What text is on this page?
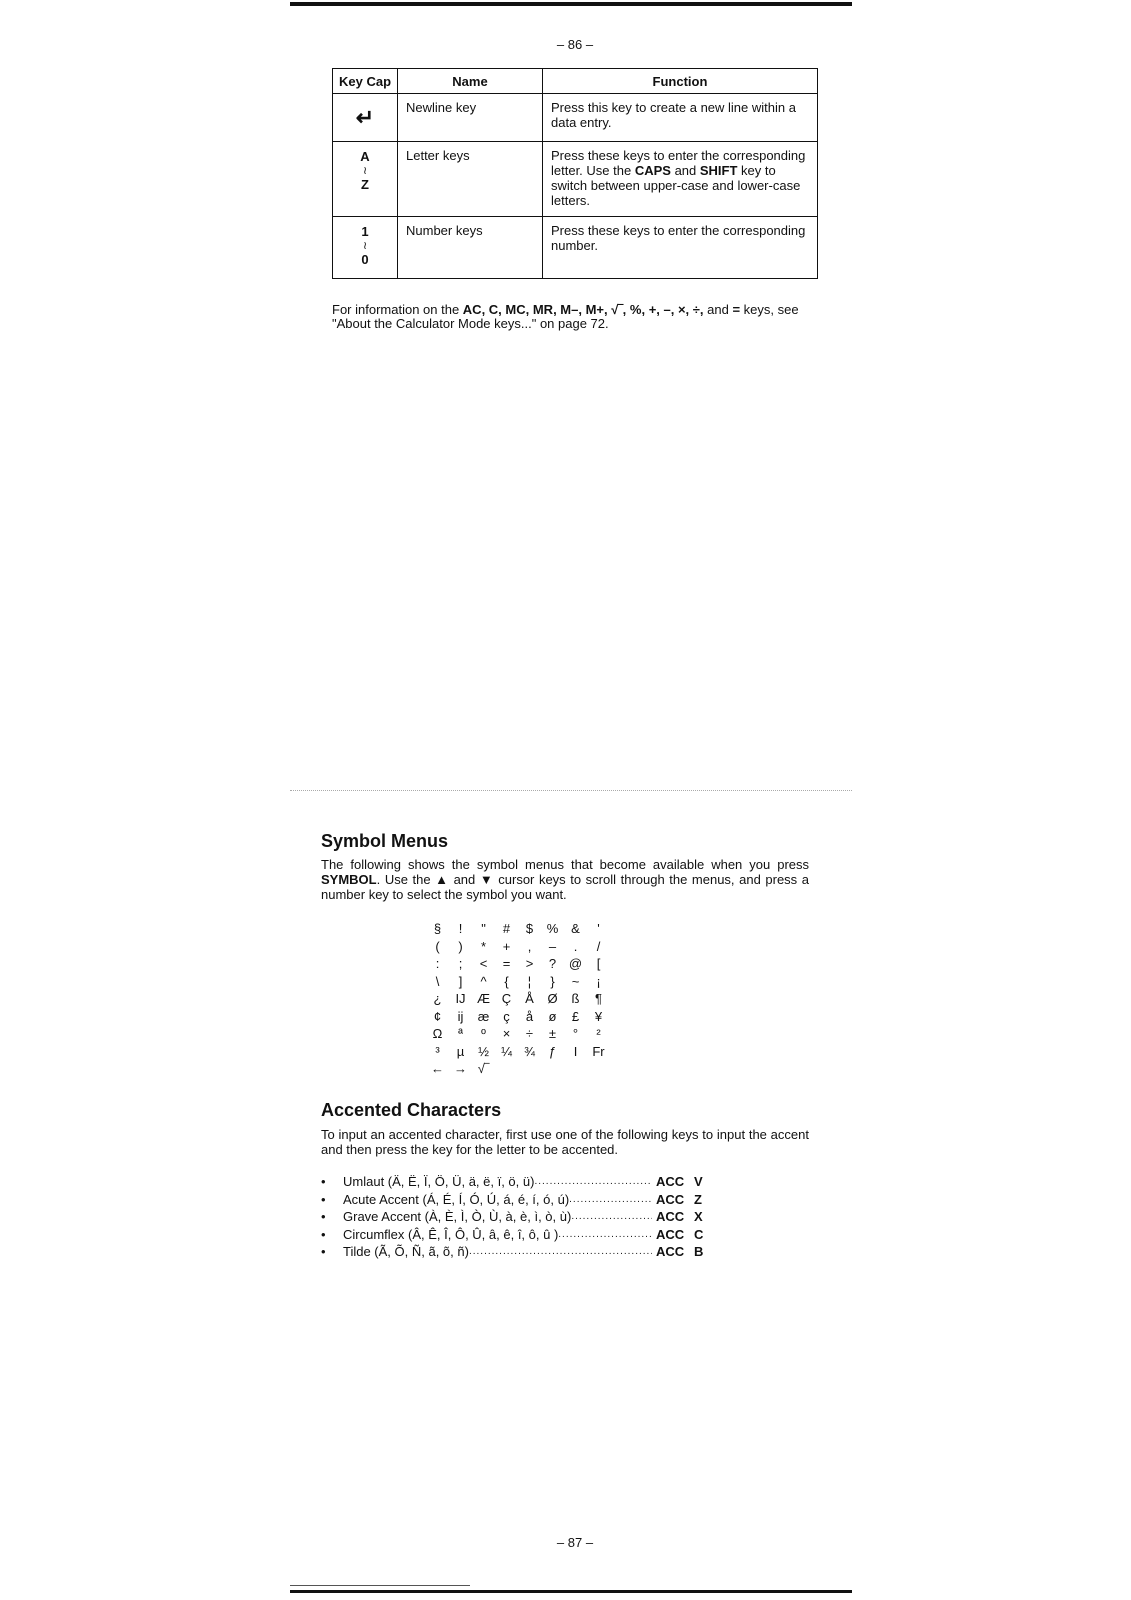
– 86 –
Key Cap	Name	Function

↵	Newline key	Press this key to create a new line within a data entry.

A
≀
Z	Letter keys	Press these keys to enter the corresponding letter. Use the CAPS and SHIFT key to switch between upper-case and lower-case letters.

1
≀
0	Number keys	Press these keys to enter the corresponding number.
For information on the AC, C, MC, MR, M–, M+, √‾, %, +, –, ×, ÷, and = keys, see "About the Calculator Mode keys..." on page 72.
Symbol Menus
The following shows the symbol menus that become available when you press SYMBOL. Use the ▲ and ▼ cursor keys to scroll through the menus, and press a number key to select the symbol you want.
§	!	"	#	$	%	&	'
(	)	*	+	,	–	.	/
:	;	<	=	>	?	@	[
\	]	^	{	¦	}	~	¡
¿	IJ	Æ	Ç	Å	Ø	ß	¶
¢	ij	æ	ç	å	ø	£	¥
Ω	ª	º	×	÷	±	°	²
³	µ	½	¼	¾	ƒ	I	Fr
←	→	√‾					
Accented Characters
To input an accented character, first use one of the following keys to input the accent and then press the key for the letter to be accented.
• Umlaut (Ä, Ë, Ï, Ö, Ü, ä, ë, ï, ö, ü) .....	ACC V
• Acute Accent (Á, É, Í, Ó, Ú, á, é, í, ó, ú) .....	ACC Z
• Grave Accent (À, È, Ì, Ò, Ù, à, è, ì, ò, ù) .....	ACC X
• Circumflex (Â, Ê, Î, Ô, Û, â, ê, î, ô, û ) .....	ACC C
• Tilde (Ã, Õ, Ñ, ã, õ, ñ) .....	ACC B
– 87 –
